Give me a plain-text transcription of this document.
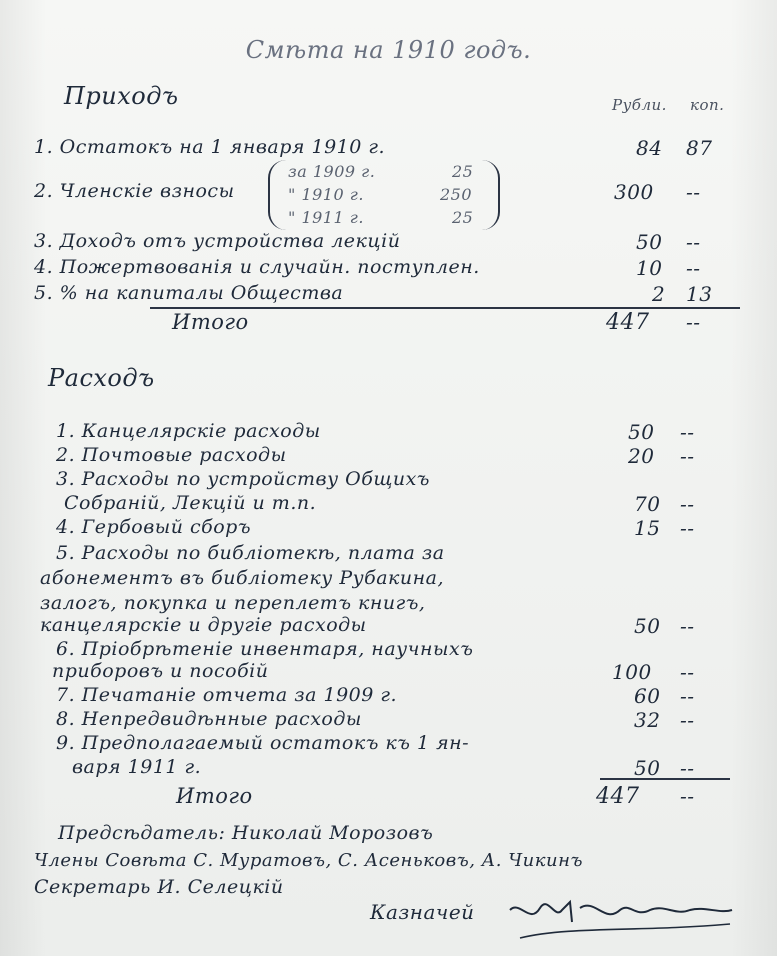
Смѣта на 1910 годъ.
Приходъ	Рубли. коп.
1. Остатокъ на 1 января 1910 г.	84 87
2. Членскіе взносы	300 --
за 1909 г.	25
" 1910 г.	250
" 1911 г.	25
3. Доходъ отъ устройства лекцій	50 --
4. Пожертвованія и случайн. поступлен.	10 --
5. % на капиталы Общества	2 13
Итого	447 --
Расходъ
1. Канцелярскіе расходы	50 --
2. Почтовые расходы	20 --
3. Расходы по устройству Общихъ
Собраній, Лекцій и т.п.	70 --
4. Гербовый сборъ	15 --
5. Расходы по библіотекѣ, плата за
абонементъ въ библіотеку Рубакина,
залогъ, покупка и переплетъ книгъ,
канцелярскіе и другіе расходы	50 --
6. Пріобрѣтеніе инвентаря, научныхъ
приборовъ и пособій	100 --
7. Печатаніе отчета за 1909 г.	60 --
8. Непредвидѣнные расходы	32 --
9. Предполагаемый остатокъ къ 1 ян-
варя 1911 г.	50 --
Итого	447 --
Предсѣдатель: Николай Морозовъ
Члены Совѣта С. Муратовъ, С. Асеньковъ, А. Чикинъ
Секретарь И. Селецкій
Казначей
